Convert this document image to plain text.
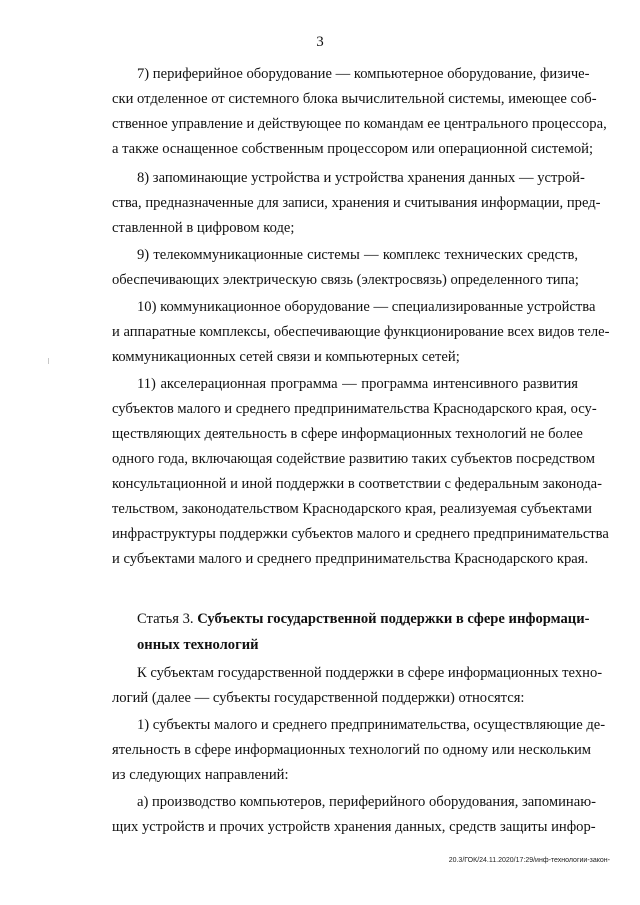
3
7) периферийное оборудование — компьютерное оборудование, физиче-
ски отделенное от системного блока вычислительной системы, имеющее соб-
ственное управление и действующее по командам ее центрального процессора,
а также оснащенное собственным процессором или операционной системой;
8) запоминающие устройства и устройства хранения данных — устрой-
ства, предназначенные для записи, хранения и считывания информации, пред-
ставленной в цифровом коде;
9) телекоммуникационные системы — комплекс технических средств,
обеспечивающих электрическую связь (электросвязь) определенного типа;
10) коммуникационное оборудование — специализированные устройства
и аппаратные комплексы, обеспечивающие функционирование всех видов теле-
коммуникационных сетей связи и компьютерных сетей;
11) акселерационная программа — программа интенсивного развития
субъектов малого и среднего предпринимательства Краснодарского края, осу-
ществляющих деятельность в сфере информационных технологий не более
одного года, включающая содействие развитию таких субъектов посредством
консультационной и иной поддержки в соответствии с федеральным законода-
тельством, законодательством Краснодарского края, реализуемая субъектами
инфраструктуры поддержки субъектов малого и среднего предпринимательства
и субъектами малого и среднего предпринимательства Краснодарского края.
Статья 3. Субъекты государственной поддержки в сфере информаци-
онных технологий
К субъектам государственной поддержки в сфере информационных техно-
логий (далее — субъекты государственной поддержки) относятся:
1) субъекты малого и среднего предпринимательства, осуществляющие де-
ятельность в сфере информационных технологий по одному или нескольким
из следующих направлений:
а) производство компьютеров, периферийного оборудования, запоминаю-
щих устройств и прочих устройств хранения данных, средств защиты инфор-
20.3/ГОК/24.11.2020/17:29/инф-технологии-закон-
